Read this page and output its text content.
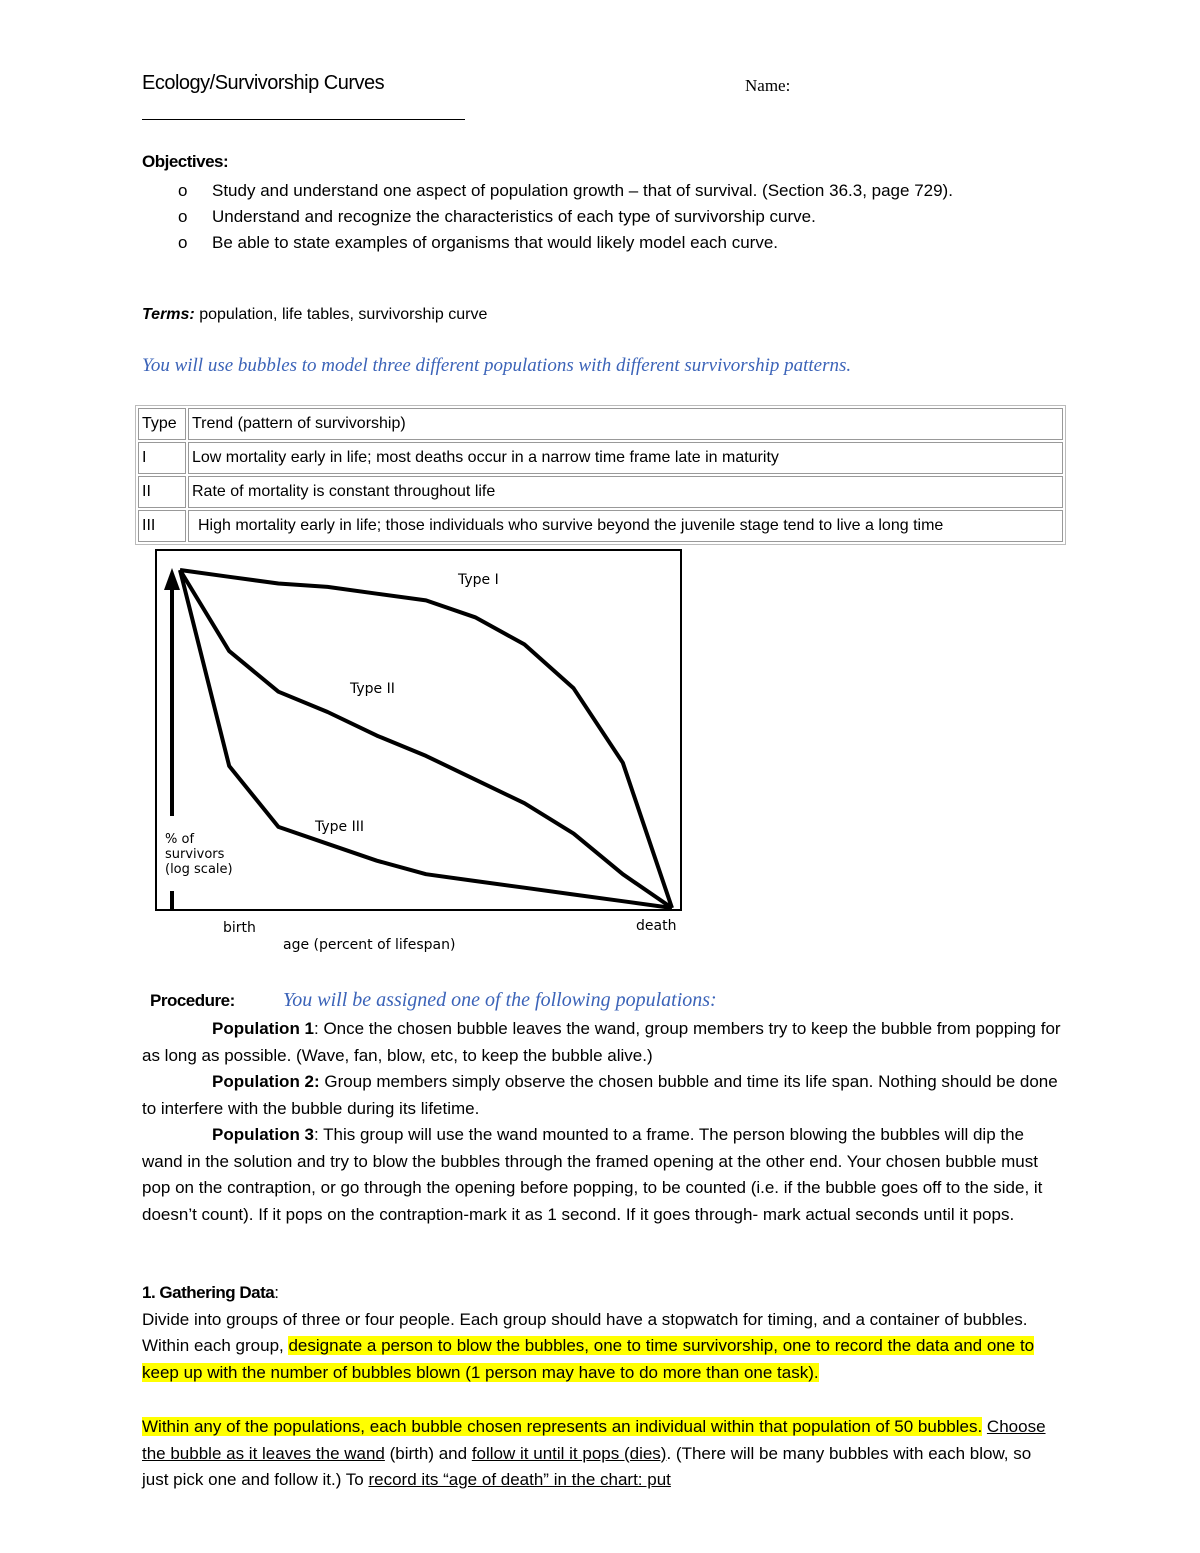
Ecology/Survivorship Curves	Name:
Objectives:
o Study and understand one aspect of population growth – that of survival. (Section 36.3, page 729).
o Understand and recognize the characteristics of each type of survivorship curve.
o Be able to state examples of organisms that would likely model each curve.
Terms: population, life tables, survivorship curve
You will use bubbles to model three different populations with different survivorship patterns.
Type	Trend (pattern of survivorship)
I	Low mortality early in life; most deaths occur in a narrow time frame late in maturity
II	Rate of mortality is constant throughout life
III	High mortality early in life; those individuals who survive beyond the juvenile stage tend to live a long time
Type I
Type II
Type III
% of survivors (log scale)
birth	death
age (percent of lifespan)
Procedure: You will be assigned one of the following populations:
Population 1: Once the chosen bubble leaves the wand, group members try to keep the bubble from popping for as long as possible. (Wave, fan, blow, etc, to keep the bubble alive.)
Population 2: Group members simply observe the chosen bubble and time its life span. Nothing should be done to interfere with the bubble during its lifetime.
Population 3: This group will use the wand mounted to a frame. The person blowing the bubbles will dip the wand in the solution and try to blow the bubbles through the framed opening at the other end. Your chosen bubble must pop on the contraption, or go through the opening before popping, to be counted (i.e. if the bubble goes off to the side, it doesn’t count). If it pops on the contraption-mark it as 1 second. If it goes through- mark actual seconds until it pops.
1. Gathering Data:
Divide into groups of three or four people. Each group should have a stopwatch for timing, and a container of bubbles. Within each group, designate a person to blow the bubbles, one to time survivorship, one to record the data and one to keep up with the number of bubbles blown (1 person may have to do more than one task).
Within any of the populations, each bubble chosen represents an individual within that population of 50 bubbles. Choose the bubble as it leaves the wand (birth) and follow it until it pops (dies). (There will be many bubbles with each blow, so just pick one and follow it.) To record its “age of death” in the chart: put
